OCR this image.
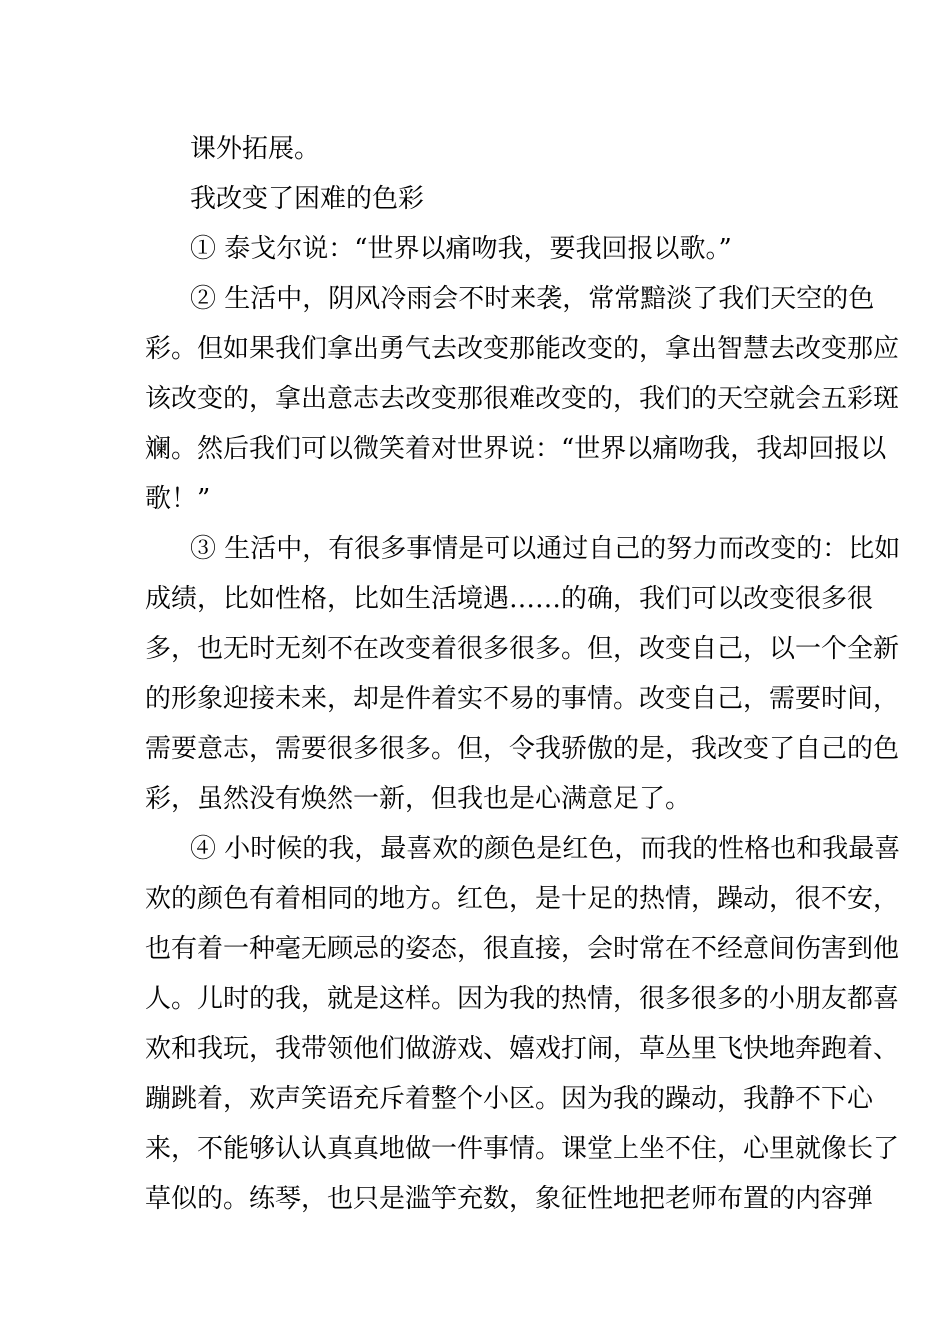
课外拓展。
我改变了困难的色彩
① 泰戈尔说：“世界以痛吻我，要我回报以歌。”
② 生活中，阴风冷雨会不时来袭，常常黯淡了我们天空的色
彩。但如果我们拿出勇气去改变那能改变的，拿出智慧去改变那应
该改变的，拿出意志去改变那很难改变的，我们的天空就会五彩斑
斓。然后我们可以微笑着对世界说：“世界以痛吻我，我却回报以
歌！”
③ 生活中，有很多事情是可以通过自己的努力而改变的：比如
成绩，比如性格，比如生活境遇……的确，我们可以改变很多很
多，也无时无刻不在改变着很多很多。但，改变自己，以一个全新
的形象迎接未来，却是件着实不易的事情。改变自己，需要时间，
需要意志，需要很多很多。但，令我骄傲的是，我改变了自己的色
彩，虽然没有焕然一新，但我也是心满意足了。
④ 小时候的我，最喜欢的颜色是红色，而我的性格也和我最喜
欢的颜色有着相同的地方。红色，是十足的热情，躁动，很不安，
也有着一种毫无顾忌的姿态，很直接，会时常在不经意间伤害到他
人。儿时的我，就是这样。因为我的热情，很多很多的小朋友都喜
欢和我玩，我带领他们做游戏、嬉戏打闹，草丛里飞快地奔跑着、
蹦跳着，欢声笑语充斥着整个小区。因为我的躁动，我静不下心
来，不能够认认真真地做一件事情。课堂上坐不住，心里就像长了
草似的。练琴，也只是滥竽充数，象征性地把老师布置的内容弹
